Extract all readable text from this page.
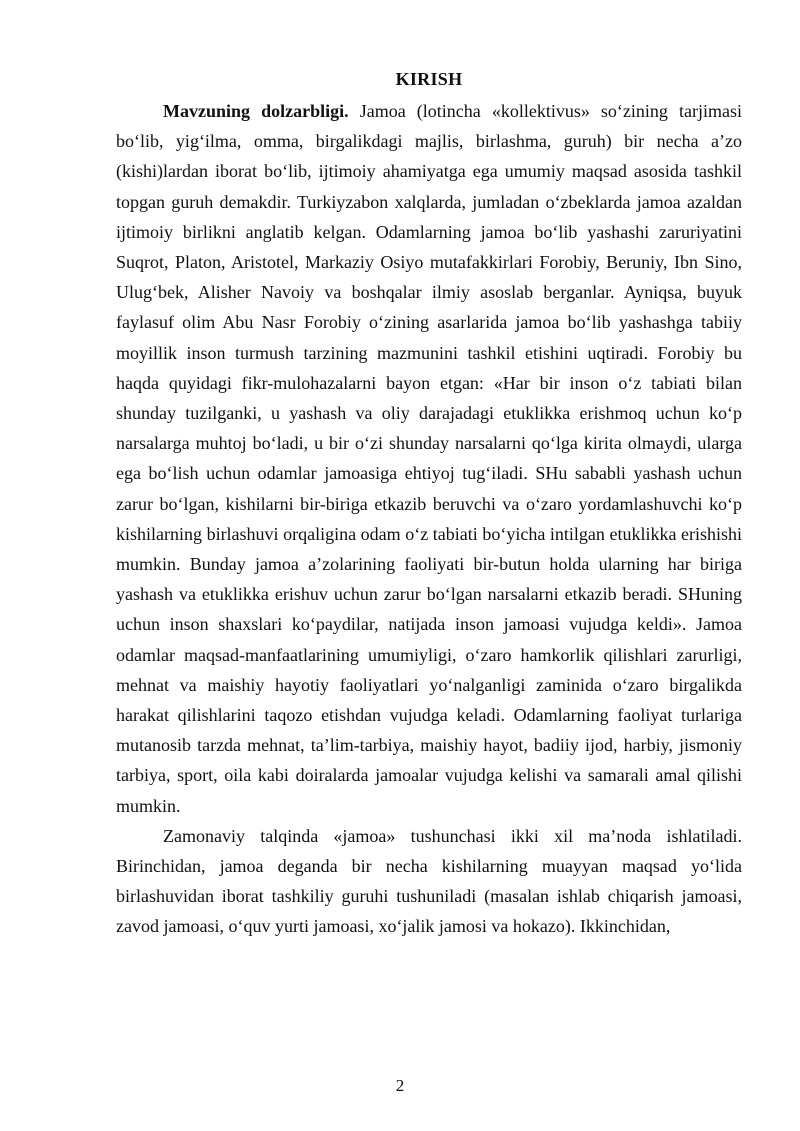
KIRISH

Mavzuning dolzarbligi. Jamoa (lotincha «kollektivus» so‘zining tarjimasi bo‘lib, yig‘ilma, omma, birgalikdagi majlis, birlashma, guruh) bir necha a’zo (kishi)lardan iborat bo‘lib, ijtimoiy ahamiyatga ega umumiy maqsad asosida tashkil topgan guruh demakdir. Turkiyzabon xalqlarda, jumladan o‘zbeklarda jamoa azaldan ijtimoiy birlikni anglatib kelgan. Odamlarning jamoa bo‘lib yashashi zaruriyatini Suqrot, Platon, Aristotel, Markaziy Osiyo mutafakkirlari Forobiy, Beruniy, Ibn Sino, Ulug‘bek, Alisher Navoiy va boshqalar ilmiy asoslab berganlar. Ayniqsa, buyuk faylasuf olim Abu Nasr Forobiy o‘zining asarlarida jamoa bo‘lib yashashga tabiiy moyillik inson turmush tarzining mazmunini tashkil etishini uqtiradi. Forobiy bu haqda quyidagi fikr-mulohazalarni bayon etgan: «Har bir inson o‘z tabiati bilan shunday tuzilganki, u yashash va oliy darajadagi etuklikka erishmoq uchun ko‘p narsalarga muhtoj bo‘ladi, u bir o‘zi shunday narsalarni qo‘lga kirita olmaydi, ularga ega bo‘lish uchun odamlar jamoasiga ehtiyoj tug‘iladi. SHu sababli yashash uchun zarur bo‘lgan, kishilarni bir-biriga etkazib beruvchi va o‘zaro yordamlashuvchi ko‘p kishilarning birlashuvi orqaligina odam o‘z tabiati bo‘yicha intilgan etuklikka erishishi mumkin. Bunday jamoa a’zolarining faoliyati bir-butun holda ularning har biriga yashash va etuklikka erishuv uchun zarur bo‘lgan narsalarni etkazib beradi. SHuning uchun inson shaxslari ko‘paydilar, natijada inson jamoasi vujudga keldi». Jamoa odamlar maqsad-manfaatlarining umumiyligi, o‘zaro hamkorlik qilishlari zarurligi, mehnat va maishiy hayotiy faoliyatlari yo‘nalganligi zaminida o‘zaro birgalikda harakat qilishlarini taqozo etishdan vujudga keladi. Odamlarning faoliyat turlariga mutanosib tarzda mehnat, ta’lim-tarbiya, maishiy hayot, badiiy ijod, harbiy, jismoniy tarbiya, sport, oila kabi doiralarda jamoalar vujudga kelishi va samarali amal qilishi mumkin.

Zamonaviy talqinda «jamoa» tushunchasi ikki xil ma’noda ishlatiladi. Birinchidan, jamoa deganda bir necha kishilarning muayyan maqsad yo‘lida birlashuvidan iborat tashkiliy guruhi tushuniladi (masalan ishlab chiqarish jamoasi, zavod jamoasi, o‘quv yurti jamoasi, xo‘jalik jamosi va hokazo). Ikkinchidan,

2
